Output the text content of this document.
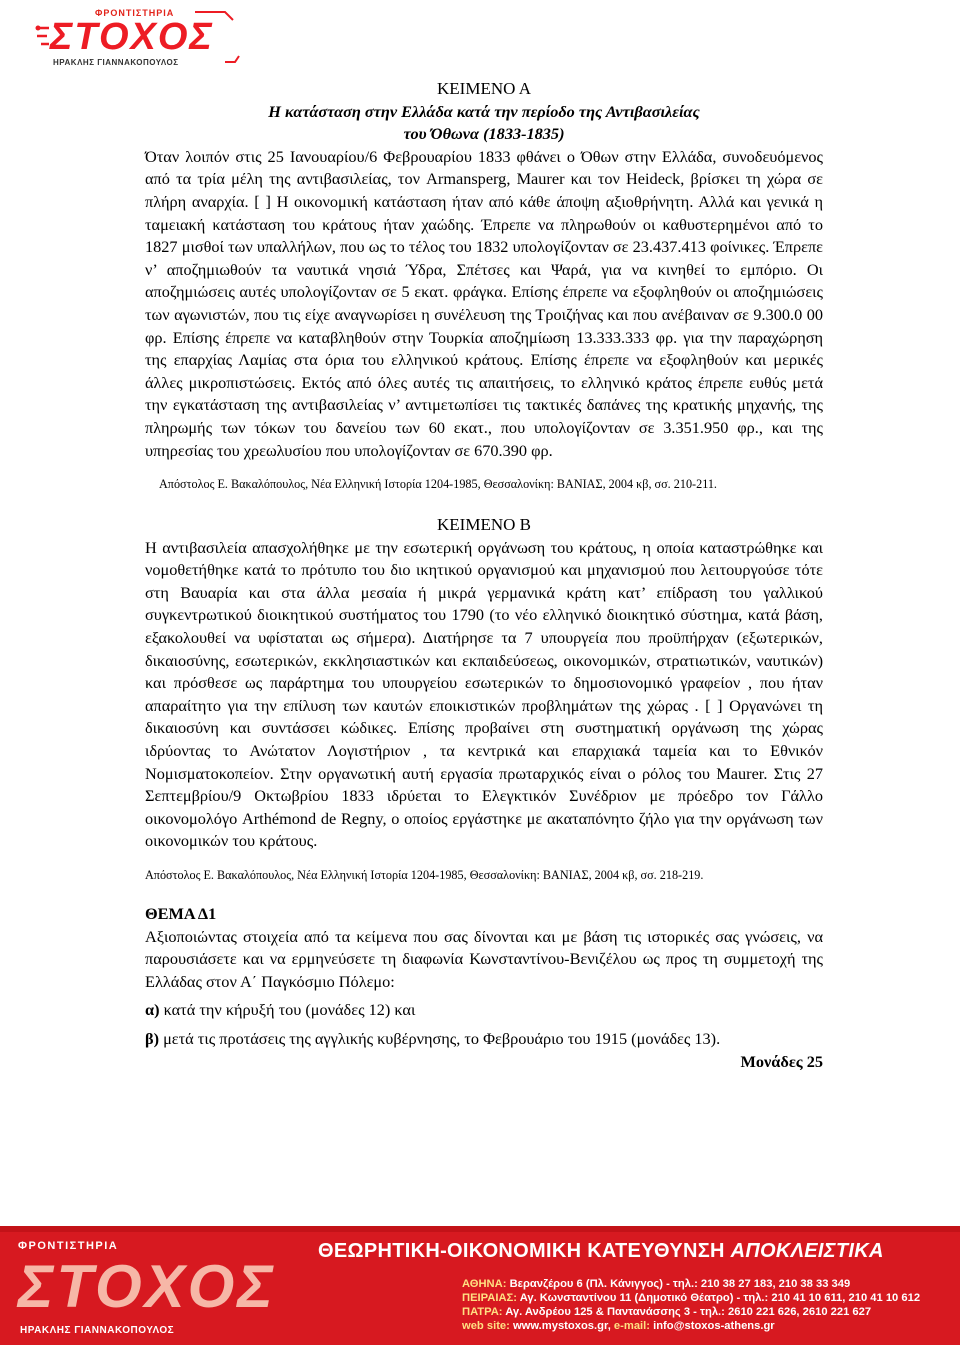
ΦΡΟΝΤΙΣΤΗΡΙΑ
ΣΤΟΧΟΣ
ΗΡΑΚΛΗΣ ΓΙΑΝΝΑΚΟΠΟΥΛΟΣ
ΚΕΙΜΕΝΟ Α
Η κατάσταση στην Ελλάδα κατά την περίοδο της Αντιβασιλείας
του Όθωνα (1833-1835)
Όταν λοιπόν στις 25 Ιανουαρίου/6 Φεβρουαρίου 1833 φθάνει ο Όθων στην Ελλάδα, συνοδευόμενος από τα τρία μέλη της αντιβασιλείας, τον Armansperg, Maurer και τον Heideck, βρίσκει τη χώρα σε πλήρη αναρχία. [ ] Η οικονομική κατάσταση ήταν από κάθε άποψη αξιοθρήνητη. Αλλά και γενικά η ταμειακή κατάσταση του κράτους ήταν χαώδης. Έπρεπε να πληρωθούν οι καθυστερημένοι από το 1827 μισθοί των υπαλλήλων, που ως το τέλος του 1832 υπολογίζονταν σε 23.437.413 φοίνικες. Έπρεπε ν’ αποζημιωθούν τα ναυτικά νησιά Ύδρα, Σπέτσες και Ψαρά, για να κινηθεί το εμπόριο. Οι αποζημιώσεις αυτές υπολογίζονταν σε 5 εκατ. φράγκα. Επίσης έπρεπε να εξοφληθούν οι αποζημιώσεις των αγωνιστών, που τις είχε αναγνωρίσει η συνέλευση της Τροιζήνας και που ανέβαιναν σε 9.300.0 00 φρ. Επίσης έπρεπε να καταβληθούν στην Τουρκία αποζημίωση 13.333.333 φρ. για την παραχώρηση της επαρχίας Λαμίας στα όρια του ελληνικού κράτους. Επίσης έπρεπε να εξοφληθούν και μερικές άλλες μικροπιστώσεις. Εκτός από όλες αυτές τις απαιτήσεις, το ελληνικό κράτος έπρεπε ευθύς μετά την εγκατάσταση της αντιβασιλείας ν’ αντιμετωπίσει τις τακτικές δαπάνες της κρατικής μηχανής, της πληρωμής των τόκων του δανείου των 60 εκατ., που υπολογίζονταν σε 3.351.950 φρ., και της υπηρεσίας του χρεωλυσίου που υπολογίζονταν σε 670.390 φρ.
Απόστολος Ε. Βακαλόπουλος, Νέα Ελληνική Ιστορία 1204-1985, Θεσσαλονίκη: ΒΑΝΙΑΣ, 2004 κβ, σσ. 210-211.
ΚΕΙΜΕΝΟ Β
Η αντιβασιλεία απασχολήθηκε με την εσωτερική οργάνωση του κράτους, η οποία καταστρώθηκε και νομοθετήθηκε κατά το πρότυπο του διο ικητικού οργανισμού και μηχανισμού που λειτουργούσε τότε στη Βαυαρία και στα άλλα μεσαία ή μικρά γερμανικά κράτη κατ’ επίδραση του γαλλικού συγκεντρωτικού διοικητικού συστήματος του 1790 (το νέο ελληνικό διοικητικό σύστημα, κατά βάση, εξακολουθεί να υφίσταται ως σήμερα). Διατήρησε τα 7 υπουργεία που προϋπήρχαν (εξωτερικών, δικαιοσύνης, εσωτερικών, εκκλησιαστικών και εκπαιδεύσεως, οικονομικών, στρατιωτικών, ναυτικών) και πρόσθεσε ως παράρτημα του υπουργείου εσωτερικών το δημοσιονομικό γραφείον , που ήταν απαραίτητο για την επίλυση των καυτών εποικιστικών προβλημάτων της χώρας . [ ] Οργανώνει τη δικαιοσύνη και συντάσσει κώδικες. Επίσης προβαίνει στη συστηματική οργάνωση της χώρας ιδρύοντας το Ανώτατον Λογιστήριον , τα κεντρικά και επαρχιακά ταμεία και το Εθνικόν Νομισματοκοπείον. Στην οργανωτική αυτή εργασία πρωταρχικός είναι ο ρόλος του Maurer. Στις 27 Σεπτεμβρίου/9 Οκτωβρίου 1833 ιδρύεται το Ελεγκτικόν Συνέδριον με πρόεδρο τον Γάλλο οικονομολόγο Arthémond de Regny, ο οποίος εργάστηκε με ακαταπόνητο ζήλο για την οργάνωση των οικονομικών του κράτους.
Απόστολος Ε. Βακαλόπουλος, Νέα Ελληνική Ιστορία 1204-1985, Θεσσαλονίκη: ΒΑΝΙΑΣ, 2004 κβ, σσ. 218-219.
ΘΕΜΑ Δ1
Αξιοποιώντας στοιχεία από τα κείμενα που σας δίνονται και με βάση τις ιστορικές σας γνώσεις, να παρουσιάσετε και να ερμηνεύσετε τη διαφωνία Κωνσταντίνου-Βενιζέλου ως προς τη συμμετοχή της Ελλάδας στον Α΄ Παγκόσμιο Πόλεμο:
α) κατά την κήρυξή του (μονάδες 12) και
β) μετά τις προτάσεις της αγγλικής κυβέρνησης, το Φεβρουάριο του 1915 (μονάδες 13).
Μονάδες 25
ΦΡΟΝΤΙΣΤΗΡΙΑ
ΣΤΟΧΟΣ
ΗΡΑΚΛΗΣ ΓΙΑΝΝΑΚΟΠΟΥΛΟΣ
ΘΕΩΡΗΤΙΚΗ-ΟΙΚΟΝΟΜΙΚΗ ΚΑΤΕΥΘΥΝΣΗ ΑΠΟΚΛΕΙΣΤΙΚΑ
ΑΘΗΝΑ: Βερανζέρου 6 (Πλ. Κάνιγγος) - τηλ.: 210 38 27 183, 210 38 33 349
ΠΕΙΡΑΙΑΣ: Αγ. Κωνσταντίνου 11 (Δημοτικό Θέατρο) - τηλ.: 210 41 10 611, 210 41 10 612
ΠΑΤΡΑ: Αγ. Ανδρέου 125 & Παντανάσσης 3 - τηλ.: 2610 221 626, 2610 221 627
web site: www.mystoxos.gr, e-mail: info@stoxos-athens.gr
